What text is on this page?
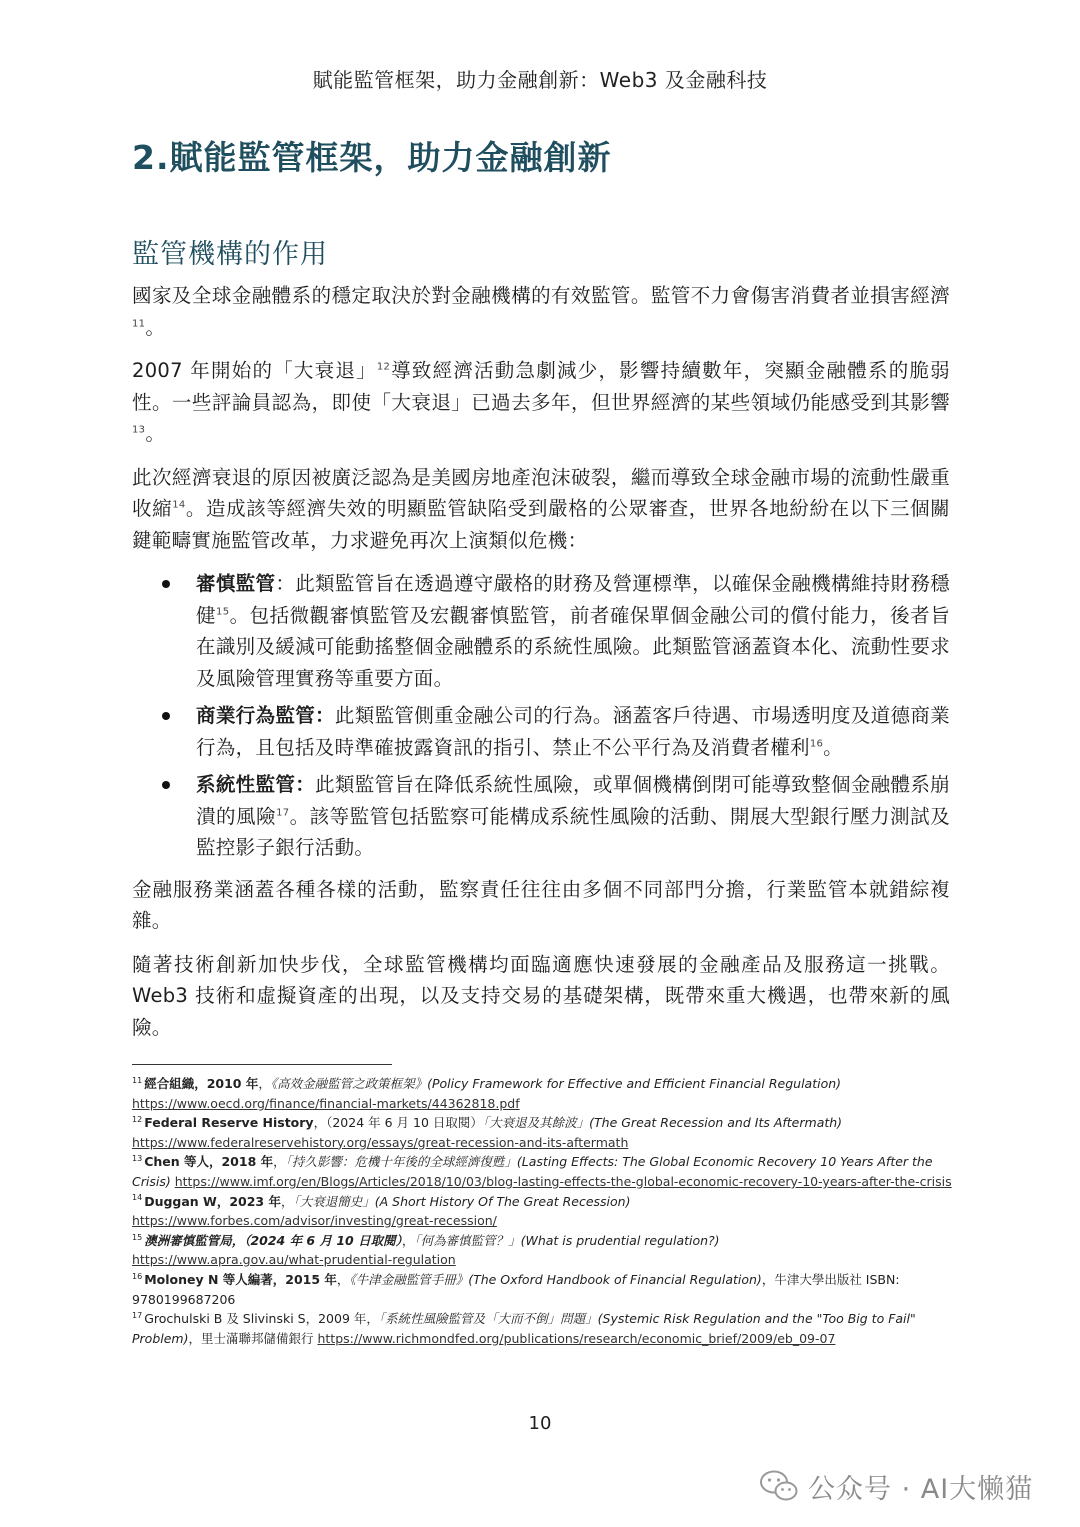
賦能監管框架，助力金融創新：Web3 及金融科技
2.賦能監管框架，助力金融創新
監管機構的作用

國家及全球金融體系的穩定取決於對金融機構的有效監管。監管不力會傷害消費者並損害經濟$^{11}$。

2007 年開始的「大衰退」$^{12}$導致經濟活動急劇減少，影響持續數年，突顯金融體系的脆弱性。一些評論員認為，即使「大衰退」已過去多年，但世界經濟的某些領域仍能感受到其影響$^{13}$。

此次經濟衰退的原因被廣泛認為是美國房地產泡沫破裂，繼而導致全球金融市場的流動性嚴重收縮$^{14}$。造成該等經濟失效的明顯監管缺陷受到嚴格的公眾審查，世界各地紛紛在以下三個關鍵範疇實施監管改革，力求避免再次上演類似危機：

審慎監管：此類監管旨在透過遵守嚴格的財務及營運標準，以確保金融機構維持財務穩健$^{15}$。包括微觀審慎監管及宏觀審慎監管，前者確保單個金融公司的償付能力，後者旨在識別及緩減可能動搖整個金融體系的系統性風險。此類監管涵蓋資本化、流動性要求及風險管理實務等重要方面。
商業行為監管：此類監管側重金融公司的行為。涵蓋客戶待遇、市場透明度及道德商業行為，且包括及時準確披露資訊的指引、禁止不公平行為及消費者權利$^{16}$。
系統性監管：此類監管旨在降低系統性風險，或單個機構倒閉可能導致整個金融體系崩潰的風險$^{17}$。該等監管包括監察可能構成系統性風險的活動、開展大型銀行壓力測試及監控影子銀行活動。

金融服務業涵蓋各種各樣的活動，監察責任往往由多個不同部門分擔，行業監管本就錯綜複雜。

隨著技術創新加快步伐，全球監管機構均面臨適應快速發展的金融產品及服務這一挑戰。Web3 技術和虛擬資產的出現，以及支持交易的基礎架構，既帶來重大機遇，也帶來新的風險。

$^{11}$ 經合組織，2010 年，《高效金融監管之政策框架》(Policy Framework for Effective and Efficient Financial Regulation)
https://www.oecd.org/finance/financial-markets/44362818.pdf

$^{12}$ Federal Reserve History，（2024 年 6 月 10 日取閱）「大衰退及其餘波」(The Great Recession and Its Aftermath)
https://www.federalreservehistory.org/essays/great-recession-and-its-aftermath

$^{13}$ Chen 等人，2018 年，「持久影響：危機十年後的全球經濟復甦」(Lasting Effects: The Global Economic Recovery 10 Years After the Crisis) https://www.imf.org/en/Blogs/Articles/2018/10/03/blog-lasting-effects-the-global-economic-recovery-10-years-after-the-crisis

$^{14}$ Duggan W，2023 年，「大衰退簡史」(A Short History Of The Great Recession)
https://www.forbes.com/advisor/investing/great-recession/

$^{15}$ 澳洲審慎監管局，（2024 年 6 月 10 日取閱），「何為審慎監管？」(What is prudential regulation?)
https://www.apra.gov.au/what-prudential-regulation

$^{16}$ Moloney N 等人編著，2015 年，《牛津金融監管手冊》(The Oxford Handbook of Financial Regulation)，牛津大學出版社 ISBN: 9780199687206

$^{17}$ Grochulski B 及 Slivinski S，2009 年，「系統性風險監管及「大而不倒」問題」(Systemic Risk Regulation and the "Too Big to Fail" Problem)，里士滿聯邦儲備銀行 https://www.richmondfed.org/publications/research/economic_brief/2009/eb_09-07

10
公众号 · AI大懒猫
